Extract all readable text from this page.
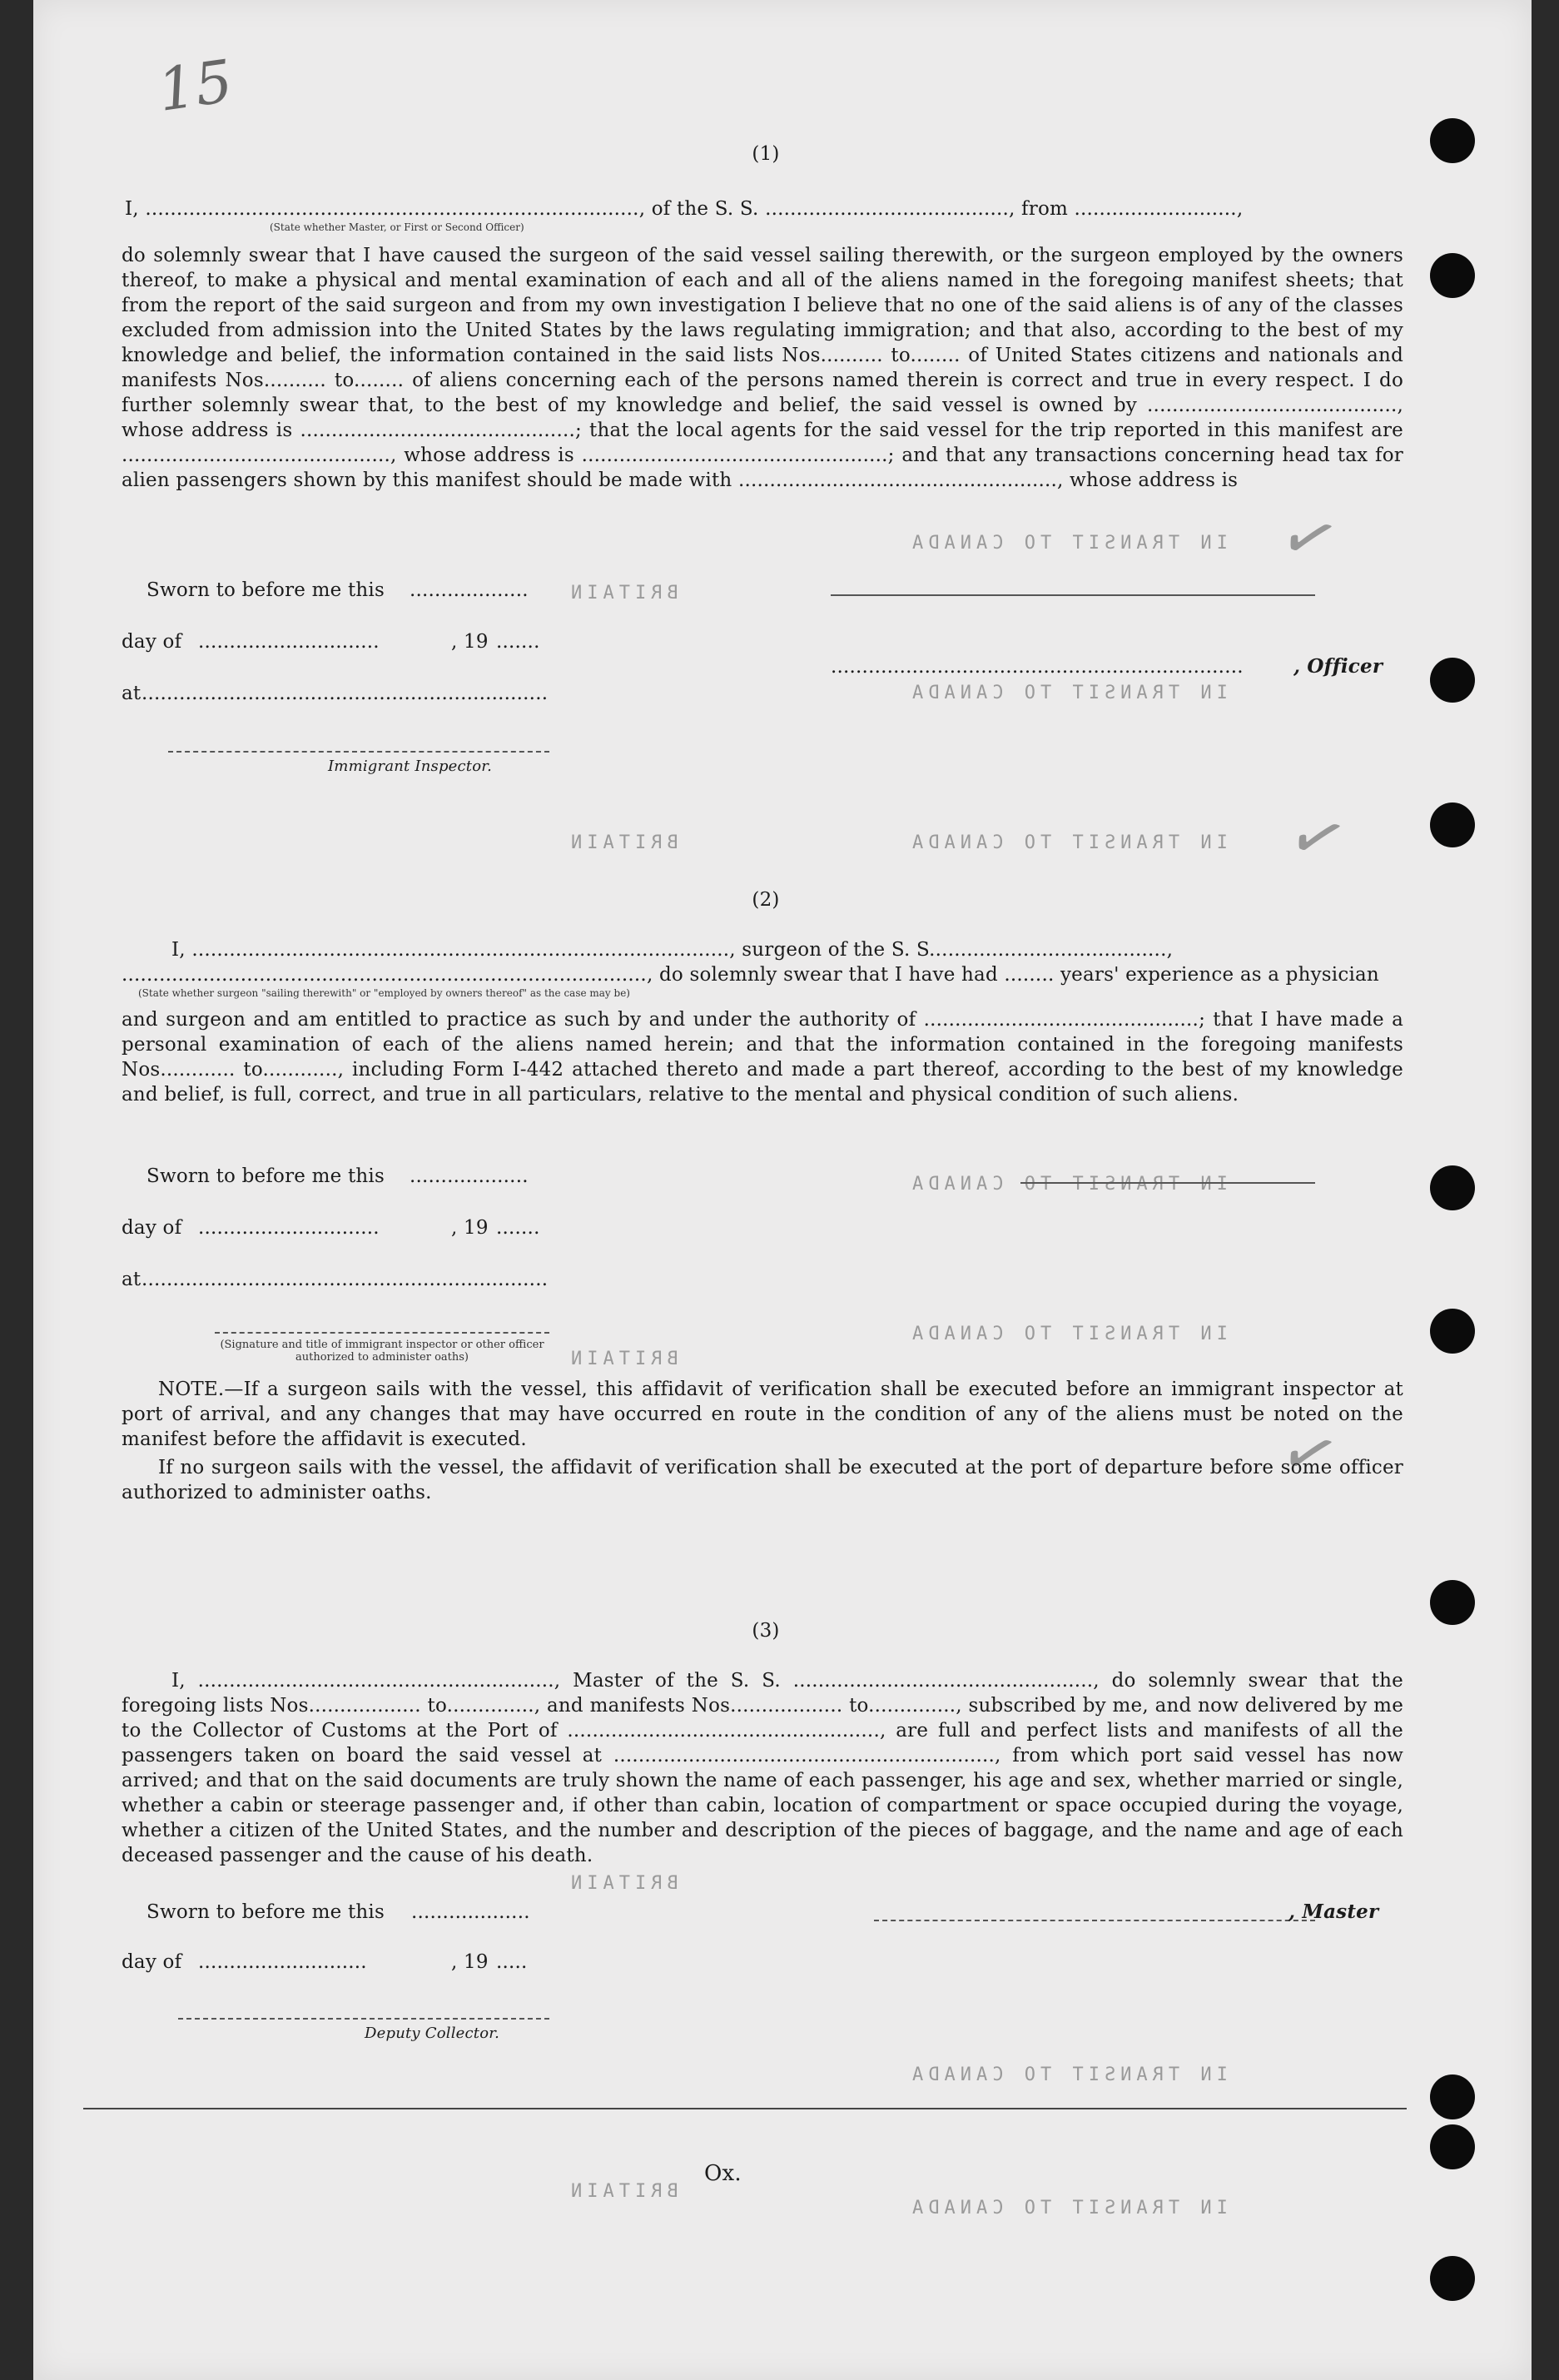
IN TRANSIT TO CANADA
IN TRANSIT TO CANADA
IN TRANSIT TO CANADA
IN TRANSIT TO CANADA
IN TRANSIT TO CANADA
IN TRANSIT TO CANADA
IN TRANSIT TO CANADA
BRITAIN
BRITAIN
BRITAIN
BRITAIN
BRITAIN
15
✓
✓
✓
(1)
I, ..............................................................................., of the S. S. ......................................., from ..........................,
(State whether Master, or First or Second Officer)
do solemnly swear that I have caused the surgeon of the said vessel sailing therewith, or the surgeon employed by the owners thereof, to make a physical and mental examination of each and all of the aliens named in the foregoing manifest sheets; that from the report of the said surgeon and from my own investigation I believe that no one of the said aliens is of any of the classes excluded from admission into the United States by the laws regulating immigration; and that also, according to the best of my knowledge and belief, the information contained in the said lists Nos.......... to........ of United States citizens and nationals and manifests Nos.......... to........ of aliens concerning each of the persons named therein is correct and true in every respect. I do further solemnly swear that, to the best of my knowledge and belief, the said vessel is owned by ........................................, whose address is ............................................; that the local agents for the said vessel for the trip reported in this manifest are ..........................................., whose address is .................................................; and that any transactions concerning head tax for alien passengers shown by this manifest should be made with ..................................................., whose address is
Sworn to before me this ...................
day of .............................	, 19 .......
at .................................................................
Immigrant Inspector.
..................................................................	, Officer
(2)
I, ......................................................................................, surgeon of the S. S......................................,
...................................................................................., do solemnly swear that I have had ........ years' experience as a physician
(State whether surgeon "sailing therewith" or "employed by owners thereof" as the case may be)
and surgeon and am entitled to practice as such by and under the authority of ............................................; that I have made a personal examination of each of the aliens named herein; and that the information contained in the foregoing manifests Nos............ to............, including Form I-442 attached thereto and made a part thereof, according to the best of my knowledge and belief, is full, correct, and true in all particulars, relative to the mental and physical condition of such aliens.
Sworn to before me this ...................
day of .............................	, 19 .......
at .................................................................
(Signature and title of immigrant inspector or other officer authorized to administer oaths)
NOTE.—If a surgeon sails with the vessel, this affidavit of verification shall be executed before an immigrant inspector at port of arrival, and any changes that may have occurred en route in the condition of any of the aliens must be noted on the manifest before the affidavit is executed.
If no surgeon sails with the vessel, the affidavit of verification shall be executed at the port of departure before some officer authorized to administer oaths.
(3)
I, ........................................................., Master of the S. S. ................................................, do solemnly swear that the foregoing lists Nos.................. to.............., and manifests Nos.................. to.............., subscribed by me, and now delivered by me to the Collector of Customs at the Port of .................................................., are full and perfect lists and manifests of all the passengers taken on board the said vessel at ............................................................., from which port said vessel has now arrived; and that on the said documents are truly shown the name of each passenger, his age and sex, whether married or single, whether a cabin or steerage passenger and, if other than cabin, location of compartment or space occupied during the voyage, whether a citizen of the United States, and the number and description of the pieces of baggage, and the name and age of each deceased passenger and the cause of his death.
Sworn to before me this ...................
day of ...........................	, 19 .....
Deputy Collector.
, Master
Ox.
